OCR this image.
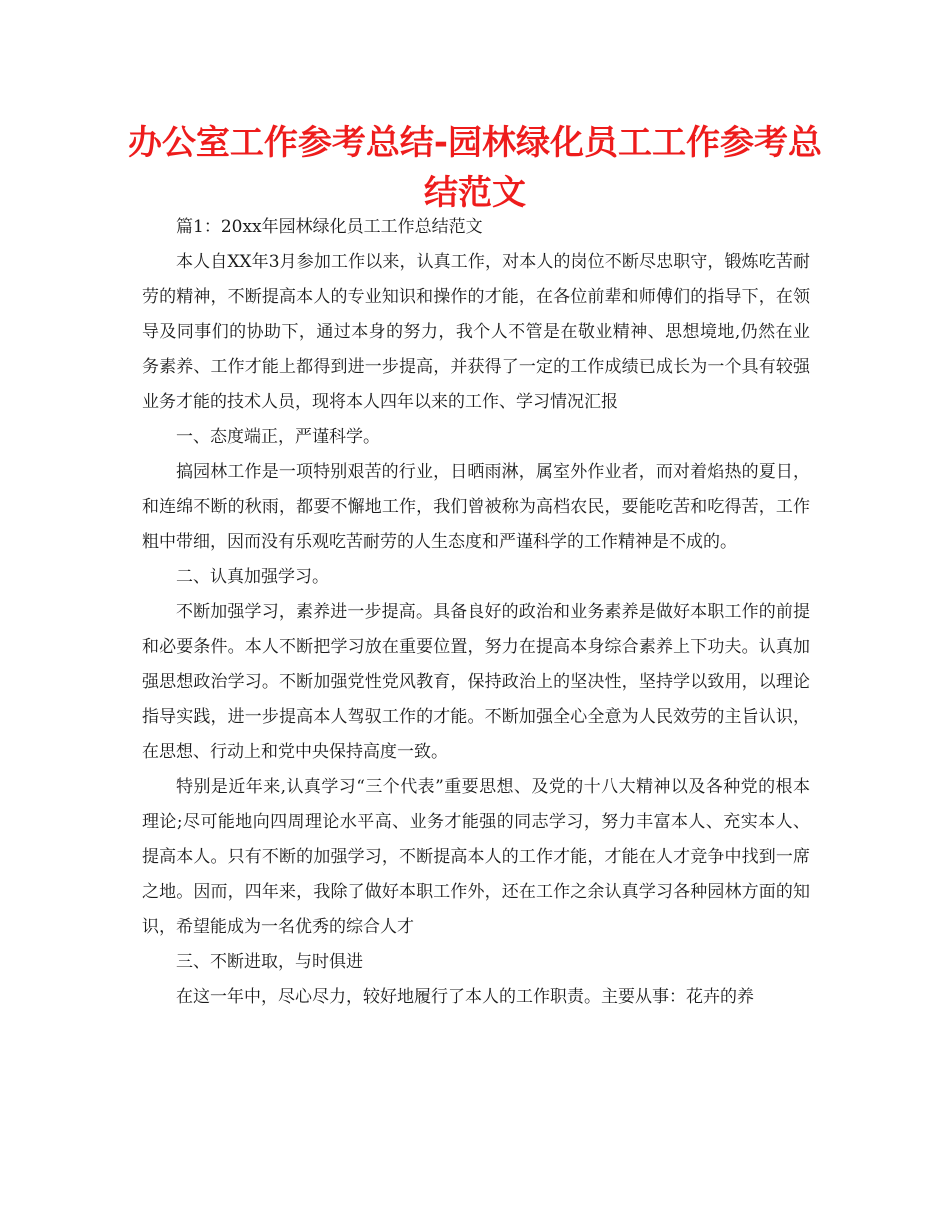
办公室工作参考总结-园林绿化员工工作参考总结范文

篇1：20xx年园林绿化员工工作总结范文

本人自XX年3月参加工作以来，认真工作，对本人的岗位不断尽忠职守，锻炼吃苦耐劳的精神，不断提高本人的专业知识和操作的才能，在各位前辈和师傅们的指导下，在领导及同事们的协助下，通过本身的努力，我个人不管是在敬业精神、思想境地,仍然在业务素养、工作才能上都得到进一步提高，并获得了一定的工作成绩已成长为一个具有较强业务才能的技术人员，现将本人四年以来的工作、学习情况汇报

一、态度端正，严谨科学。

搞园林工作是一项特别艰苦的行业，日晒雨淋，属室外作业者，而对着焰热的夏日，和连绵不断的秋雨，都要不懈地工作，我们曾被称为高档农民，要能吃苦和吃得苦，工作粗中带细，因而没有乐观吃苦耐劳的人生态度和严谨科学的工作精神是不成的。

二、认真加强学习。

不断加强学习，素养进一步提高。具备良好的政治和业务素养是做好本职工作的前提和必要条件。本人不断把学习放在重要位置，努力在提高本身综合素养上下功夫。认真加强思想政治学习。不断加强党性党风教育，保持政治上的坚决性，坚持学以致用，以理论指导实践，进一步提高本人驾驭工作的才能。不断加强全心全意为人民效劳的主旨认识，在思想、行动上和党中央保持高度一致。

特别是近年来,认真学习“三个代表”重要思想、及党的十八大精神以及各种党的根本理论;尽可能地向四周理论水平高、业务才能强的同志学习，努力丰富本人、充实本人、提高本人。只有不断的加强学习，不断提高本人的工作才能，才能在人才竞争中找到一席之地。因而，四年来，我除了做好本职工作外，还在工作之余认真学习各种园林方面的知识，希望能成为一名优秀的综合人才

三、不断进取，与时俱进

在这一年中，尽心尽力，较好地履行了本人的工作职责。主要从事：花卉的养
